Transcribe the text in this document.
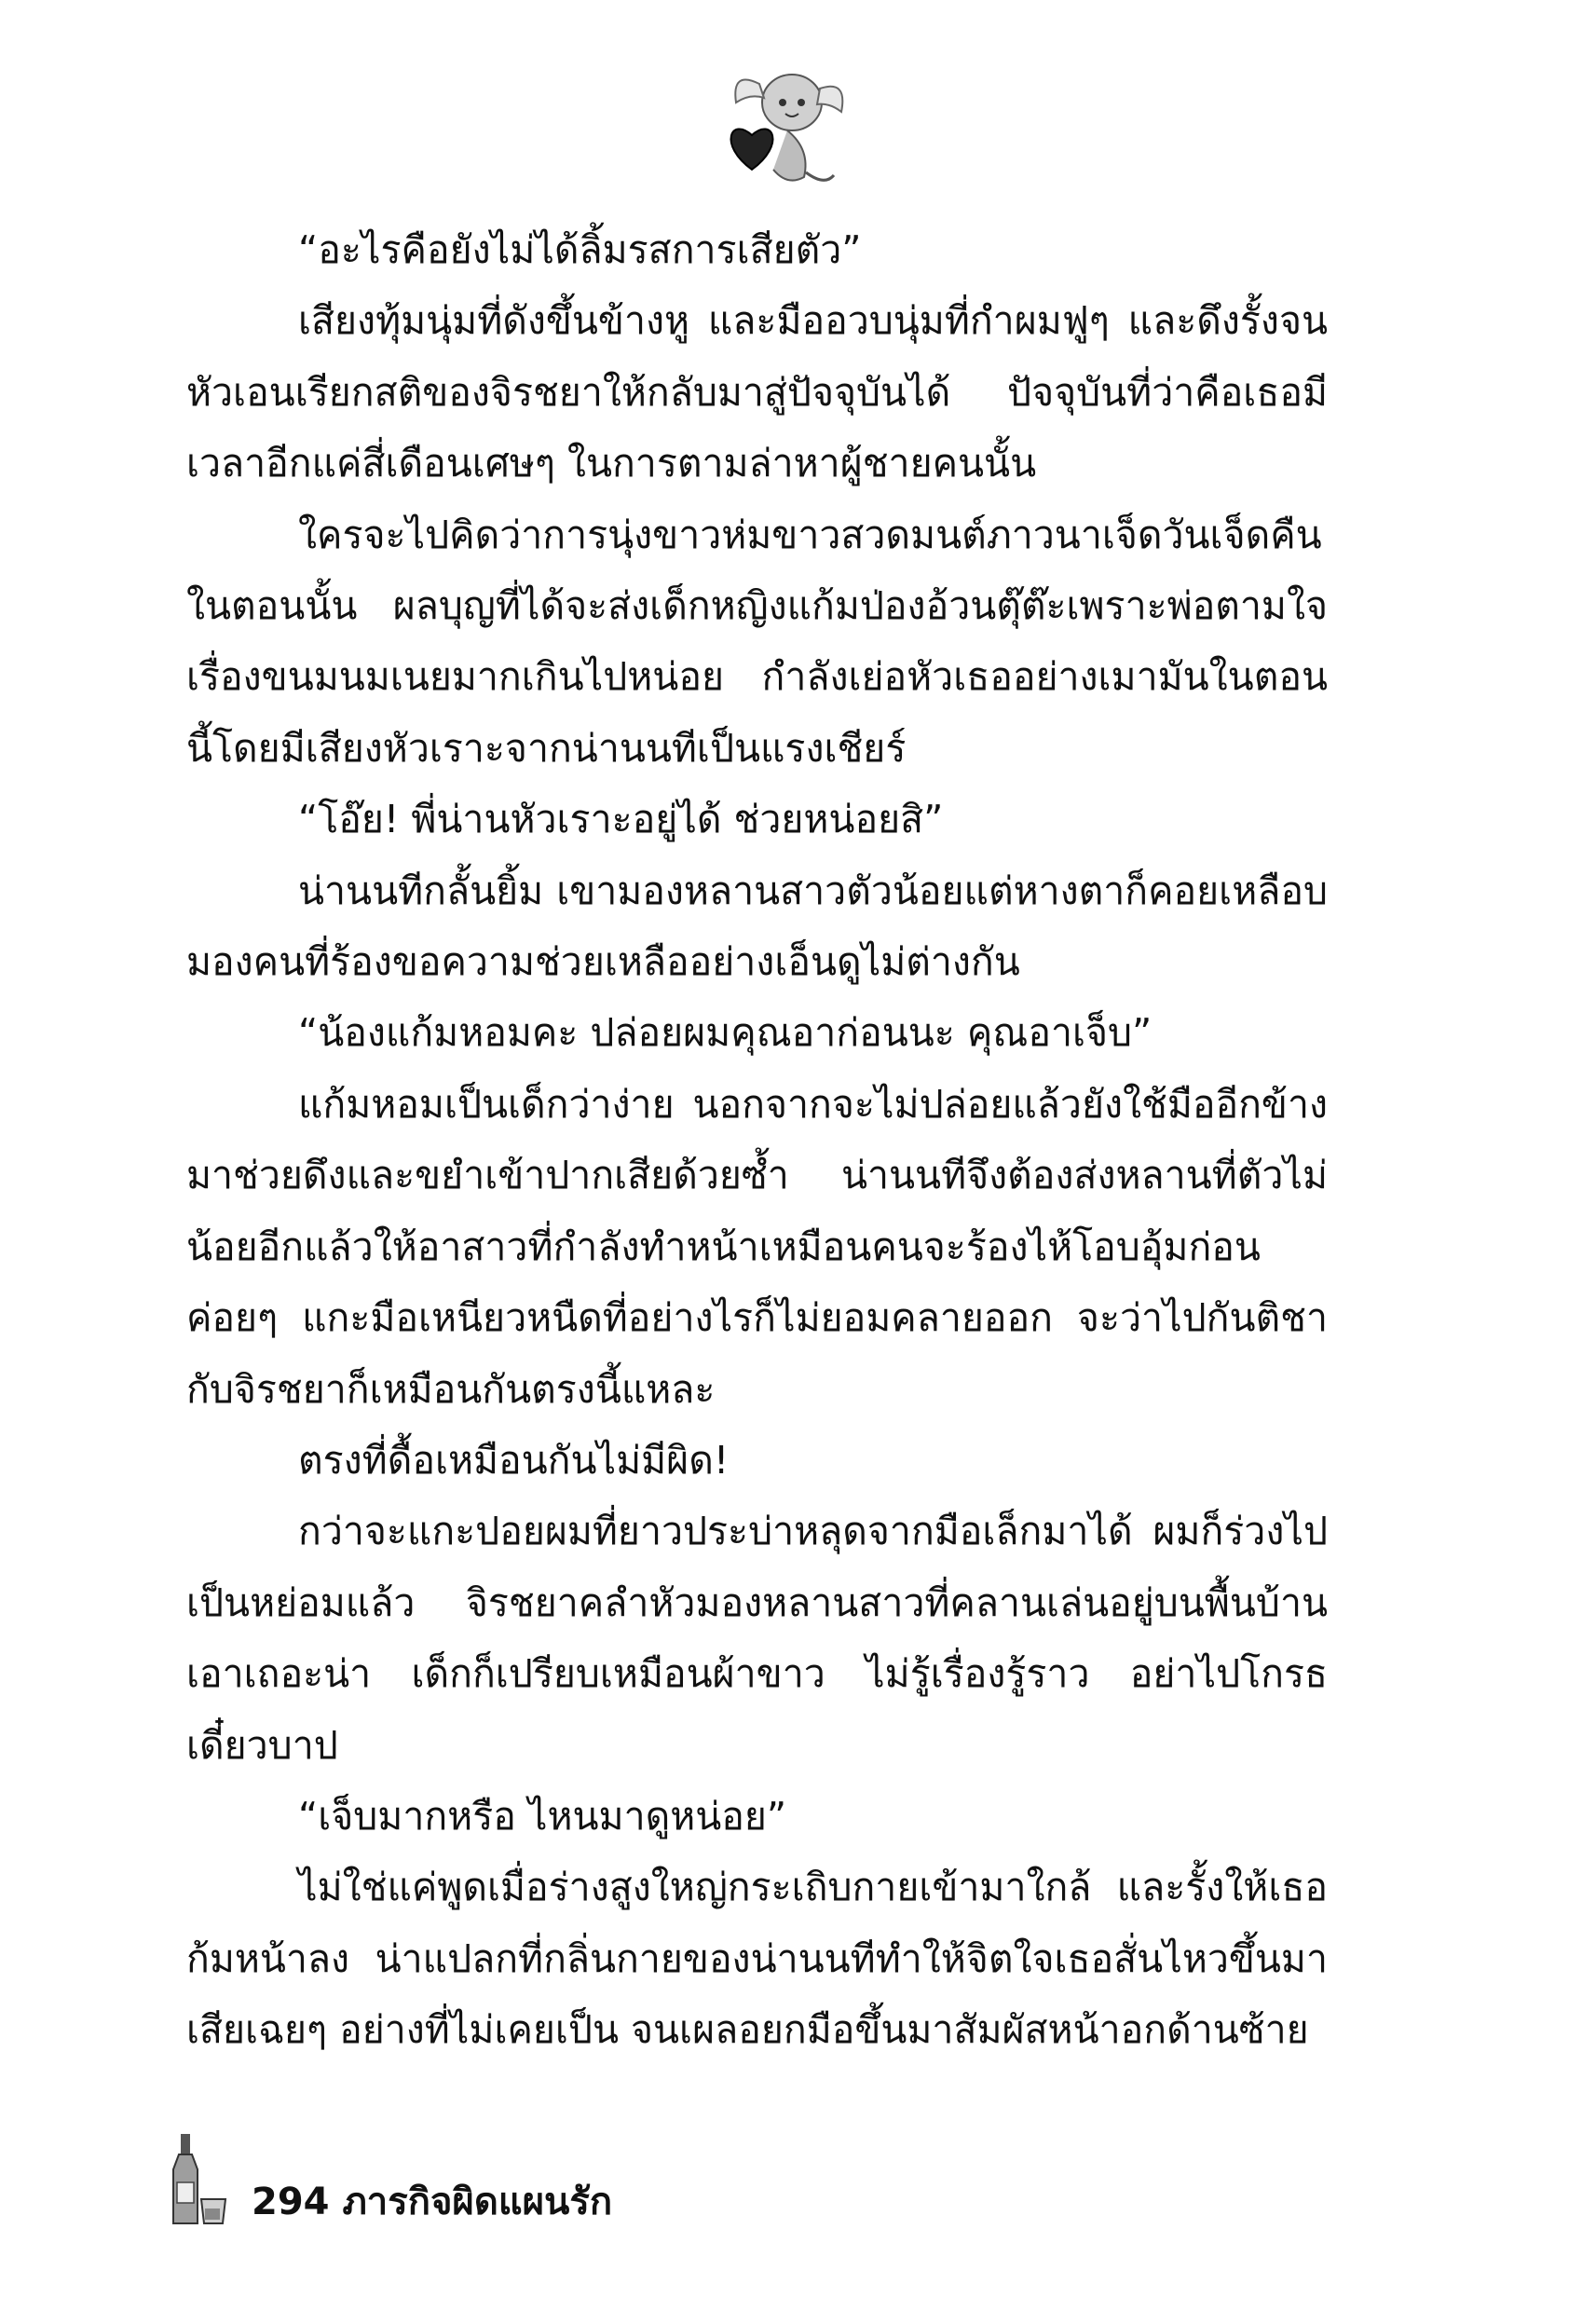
“อะไรคือยังไม่ได้ลิ้มรสการเสียตัว”

เสียงทุ้มนุ่มที่ดังขึ้นข้างหู และมืออวบนุ่มที่กำผมฟูๆ และดึงรั้งจนหัวเอนเรียกสติของจิรชยาให้กลับมาสู่ปัจจุบันได้ ปัจจุบันที่ว่าคือเธอมีเวลาอีกแค่สี่เดือนเศษๆ ในการตามล่าหาผู้ชายคนนั้น

ใครจะไปคิดว่าการนุ่งขาวห่มขาวสวดมนต์ภาวนาเจ็ดวันเจ็ดคืนในตอนนั้น ผลบุญที่ได้จะส่งเด็กหญิงแก้มป่องอ้วนตุ๊ต๊ะเพราะพ่อตามใจเรื่องขนมนมเนยมากเกินไปหน่อย กำลังเย่อหัวเธออย่างเมามันในตอนนี้โดยมีเสียงหัวเราะจากน่านนทีเป็นแรงเชียร์

“โอ๊ย! พี่น่านหัวเราะอยู่ได้ ช่วยหน่อยสิ”

น่านนทีกลั้นยิ้ม เขามองหลานสาวตัวน้อยแต่หางตาก็คอยเหลือบมองคนที่ร้องขอความช่วยเหลืออย่างเอ็นดูไม่ต่างกัน

“น้องแก้มหอมคะ ปล่อยผมคุณอาก่อนนะ คุณอาเจ็บ”

แก้มหอมเป็นเด็กว่าง่าย นอกจากจะไม่ปล่อยแล้วยังใช้มืออีกข้างมาช่วยดึงและขยำเข้าปากเสียด้วยซ้ำ น่านนทีจึงต้องส่งหลานที่ตัวไม่น้อยอีกแล้วให้อาสาวที่กำลังทำหน้าเหมือนคนจะร้องไห้โอบอุ้มก่อนค่อยๆ แกะมือเหนียวหนืดที่อย่างไรก็ไม่ยอมคลายออก จะว่าไปกันติชากับจิรชยาก็เหมือนกันตรงนี้แหละ

ตรงที่ดื้อเหมือนกันไม่มีผิด!

กว่าจะแกะปอยผมที่ยาวประบ่าหลุดจากมือเล็กมาได้ ผมก็ร่วงไปเป็นหย่อมแล้ว จิรชยาคลำหัวมองหลานสาวที่คลานเล่นอยู่บนพื้นบ้าน เอาเถอะน่า เด็กก็เปรียบเหมือนผ้าขาว ไม่รู้เรื่องรู้ราว อย่าไปโกรธ เดี๋ยวบาป

“เจ็บมากหรือ ไหนมาดูหน่อย”

ไม่ใช่แค่พูดเมื่อร่างสูงใหญ่กระเถิบกายเข้ามาใกล้ และรั้งให้เธอก้มหน้าลง น่าแปลกที่กลิ่นกายของน่านนทีทำให้จิตใจเธอสั่นไหวขึ้นมาเสียเฉยๆ อย่างที่ไม่เคยเป็น จนเผลอยกมือขึ้นมาสัมผัสหน้าอกด้านซ้าย

294 ภารกิจผิดแผนรัก
